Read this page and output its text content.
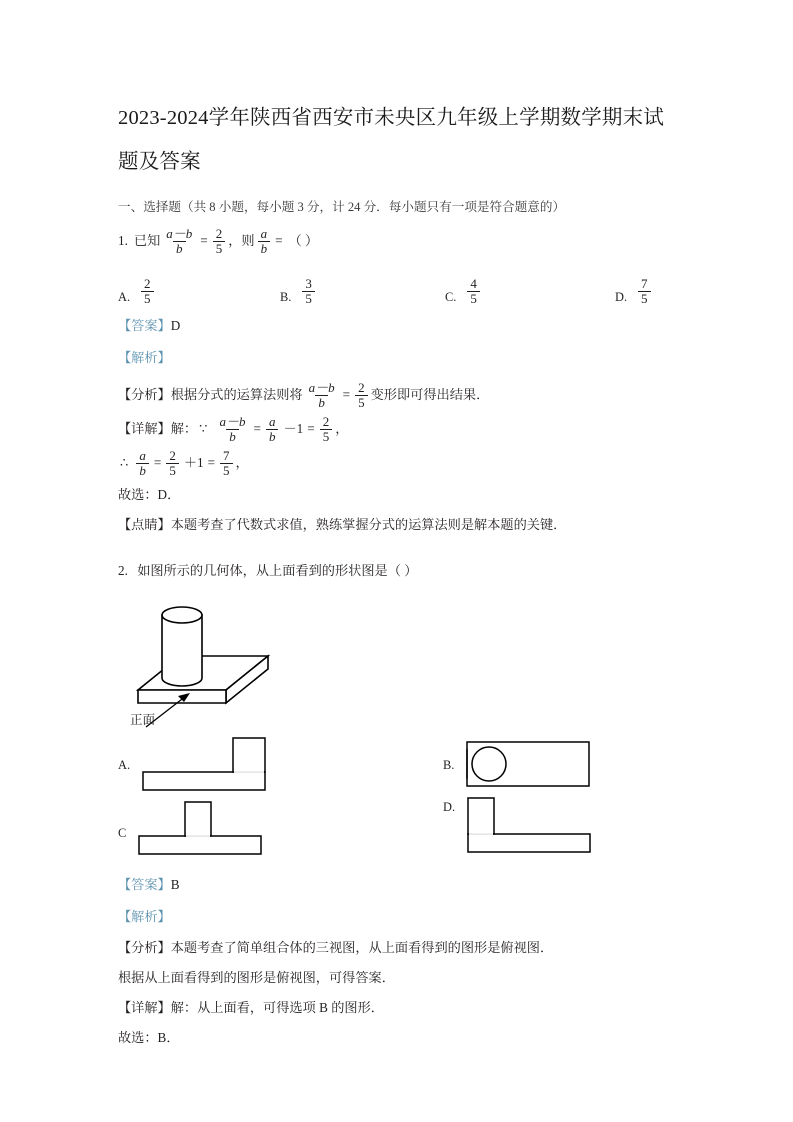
2023-2024学年陕西省西安市未央区九年级上学期数学期末试题及答案
一、选择题（共 8 小题，每小题 3 分，计 24 分．每小题只有一项是符合题意的）
1. 已知 $\frac{a-b}{b} = \frac{2}{5}$ ，则 $\frac{a}{b}$ = （ ）
A. $\frac{2}{5}$	B. $\frac{3}{5}$	C. $\frac{4}{5}$	D. $\frac{7}{5}$
【答案】D
【解析】
【分析】 根据分式的运算法则将 $\frac{a-b}{b} = \frac{2}{5}$ 变形即可得出结果．
【详解】 解： ∵ $\frac{a-b}{b} = \frac{a}{b} -1 = \frac{2}{5}$ ，
∴ $\frac{a}{b} = \frac{2}{5} +1 = \frac{7}{5}$ ，
故选：D．
【点睛】本题考查了代数式求值，熟练掌握分式的运算法则是解本题的关键．
2. 如图所示的几何体，从上面看到的形状图是（ ）
正面
A.	B.
C
D.
【答案】B
【解析】
【分析】本题考查了简单组合体的三视图，从上面看得到的图形是俯视图．
根据从上面看得到的图形是俯视图，可得答案．
【详解】解：从上面看，可得选项 B 的图形．
故选：B．
